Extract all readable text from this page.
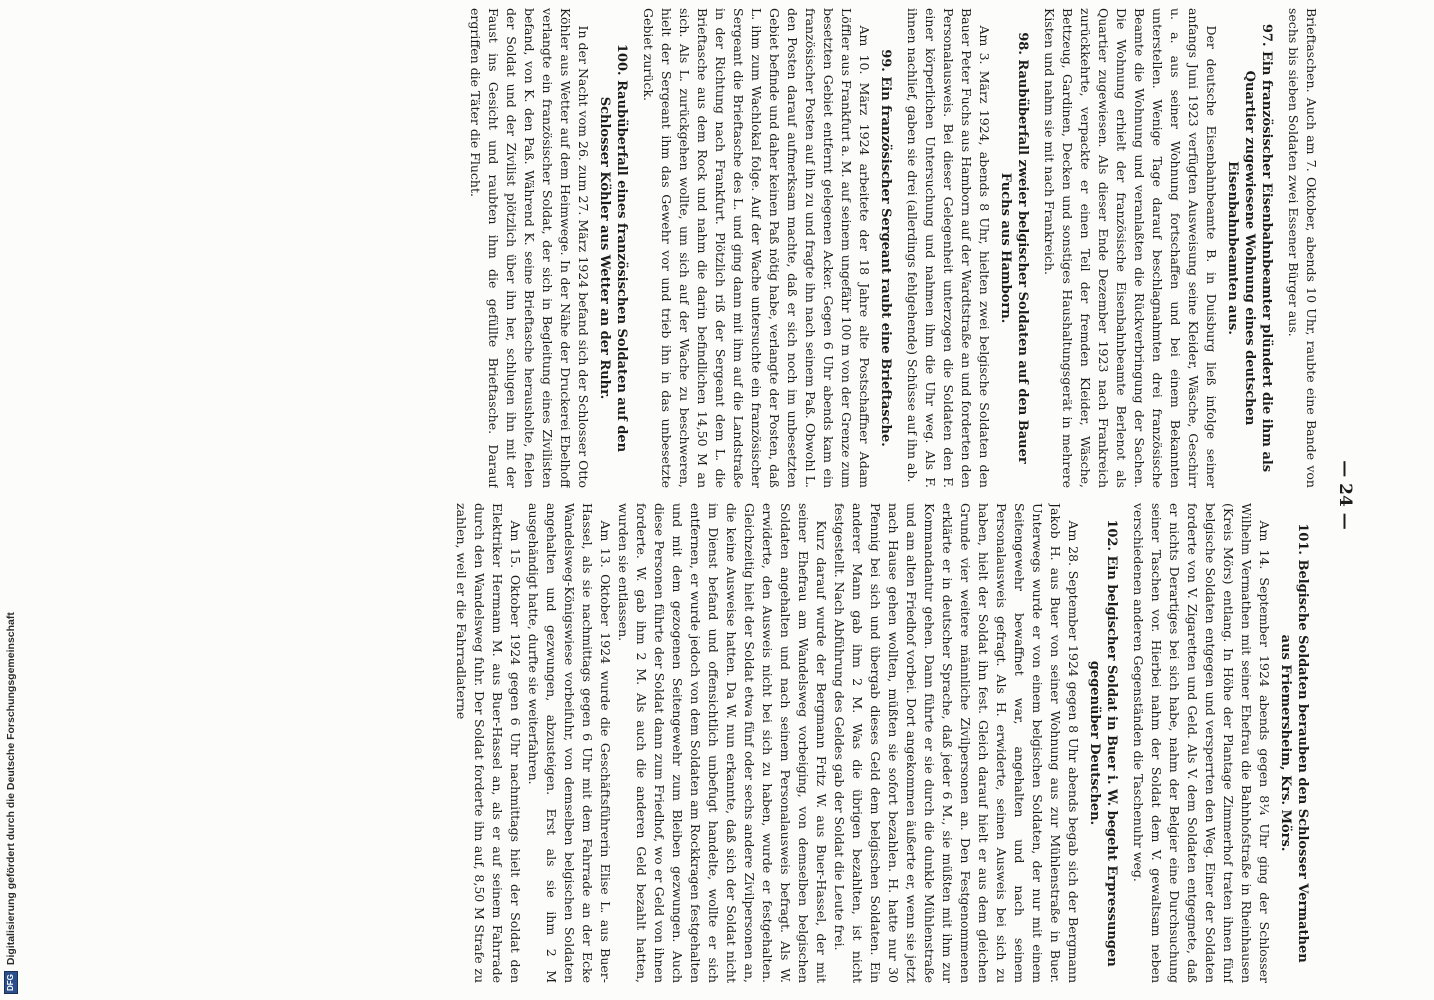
— 24 —

Brieftaschen. Auch am 7. Oktober, abends 10 Uhr, raubte eine Bande von sechs bis sieben Soldaten zwei Essener Bürger aus.

97. Ein französischer Eisenbahnbeamter plündert die ihm als Quartier zugewiesene Wohnung eines deutschen Eisenbahnbeamten aus.

Der deutsche Eisenbahnbeamte B. in Duisburg ließ infolge seiner anfangs Juni 1923 verfügten Ausweisung seine Kleider, Wäsche, Geschirr u. a. aus seiner Wohnung fortschaffen und bei einem Bekannten unterstellen. Wenige Tage darauf beschlagnahmten drei französische Beamte die Wohnung und veranlaßten die Rückverbringung der Sachen. Die Wohnung erhielt der französische Eisenbahnbeamte Berlenot als Quartier zugewiesen. Als dieser Ende Dezember 1923 nach Frankreich zurückkehrte, verpackte er einen Teil der fremden Kleider, Wäsche, Bettzeug, Gardinen, Decken und sonstiges Haushaltungsgerät in mehrere Kisten und nahm sie mit nach Frankreich.

98. Raubüberfall zweier belgischer Soldaten auf den Bauer Fuchs aus Hamborn.

Am 3. März 1924, abends 8 Uhr, hielten zwei belgische Soldaten den Bauer Peter Fuchs aus Hamborn auf der Wardtstraße an und forderten den Personalausweis. Bei dieser Gelegenheit unterzogen die Soldaten den F. einer körperlichen Untersuchung und nahmen ihm die Uhr weg. Als F. ihnen nachlief, gaben sie drei (allerdings fehlgehende) Schüsse auf ihn ab.

99. Ein französischer Sergeant raubt eine Brieftasche.

Am 10. März 1924 arbeitete der 18 Jahre alte Postschaffner Adam Löffler aus Frankfurt a. M. auf seinem ungefähr 100 m von der Grenze zum besetzten Gebiet entfernt gelegenen Acker. Gegen 6 Uhr abends kam ein französischer Posten auf ihn zu und fragte ihn nach seinem Paß. Obwohl L. den Posten darauf aufmerksam machte, daß er sich noch im unbesetzten Gebiet befinde und daher keinen Paß nötig habe, verlangte der Posten, daß L. ihm zum Wachlokal folge. Auf der Wache untersuchte ein französischer Sergeant die Brieftasche des L. und ging dann mit ihm auf die Landstraße in der Richtung nach Frankfurt. Plötzlich riß der Sergeant dem L. die Brieftasche aus dem Rock und nahm die darin befindlichen 14,50 M an sich. Als L. zurückgehen wollte, um sich auf der Wache zu beschweren, hielt der Sergeant ihm das Gewehr vor und trieb ihn in das unbesetzte Gebiet zurück.

100. Raubüberfall eines französischen Soldaten auf den Schlosser Köhler aus Wetter an der Ruhr.

In der Nacht vom 26. zum 27. März 1924 befand sich der Schlosser Otto Köhler aus Wetter auf dem Heimwege. In der Nähe der Druckerei Ebelhoff verlangte ein französischer Soldat, der sich in Begleitung eines Zivilisten befand, von K. den Paß. Während K. seine Brieftasche herausholte, fielen der Soldat und der Zivilist plötzlich über ihn her, schlugen ihn mit der Faust ins Gesicht und raubten ihm die gefüllte Brieftasche. Darauf ergriffen die Täter die Flucht.

101. Belgische Soldaten berauben den Schlosser Vermathen aus Friemersheim, Krs. Mörs.

Am 14. September 1924 abends gegen 8¼ Uhr ging der Schlosser Wilhelm Vermathen mit seiner Ehefrau die Bahnhofstraße in Rheinhausen (Kreis Mörs) entlang. In Höhe der Plantage Zimmerhof traten ihnen fünf belgische Soldaten entgegen und versperrten den Weg. Einer der Soldaten forderte von V. Zigaretten und Geld. Als V. dem Soldaten entgegnete, daß er nichts Derartiges bei sich habe, nahm der Belgier eine Durchsuchung seiner Taschen vor. Hierbei nahm der Soldat dem V. gewaltsam neben verschiedenen anderen Gegenständen die Taschenuhr weg.

102. Ein belgischer Soldat in Buer i. W. begeht Erpressungen gegenüber Deutschen.

Am 28. September 1924 gegen 8 Uhr abends begab sich der Bergmann Jakob H. aus Buer von seiner Wohnung aus zur Mühlenstraße in Buer. Unterwegs wurde er von einem belgischen Soldaten, der nur mit einem Seitengewehr bewaffnet war, angehalten und nach seinem Personalausweis gefragt. Als H. erwiderte, seinen Ausweis bei sich zu haben, hielt der Soldat ihn fest. Gleich darauf hielt er aus dem gleichen Grunde vier weitere männliche Zivilpersonen an. Den Festgenommenen erklärte er in deutscher Sprache, daß jeder 6 M., sie müßten mit ihm zur Kommandantur gehen. Dann führte er sie durch die dunkle Mühlenstraße und am alten Friedhof vorbei. Dort angekommen äußerte er, wenn sie jetzt nach Hause gehen wollten, müßten sie sofort bezahlen. H. hatte nur 30 Pfennig bei sich und übergab dieses Geld dem belgischen Soldaten. Ein anderer Mann gab ihm 2 M. Was die übrigen bezahlten, ist nicht festgestellt. Nach Abführung des Geldes gab der Soldat die Leute frei.

Kurz darauf wurde der Bergmann Fritz W. aus Buer-Hassel, der mit seiner Ehefrau am Wandelsweg vorbeiging, von demselben belgischen Soldaten angehalten und nach seinem Personalausweis befragt. Als W. erwiderte, den Ausweis nicht bei sich zu haben, wurde er festgehalten. Gleichzeitig hielt der Soldat etwa fünf oder sechs andere Zivilpersonen an, die keine Ausweise hatten. Da W. nun erkannte, daß sich der Soldat nicht im Dienst befand und offensichtlich unbefugt handelte, wollte er sich entfernen, er wurde jedoch von dem Soldaten am Rockkragen festgehalten und mit dem gezogenen Seitengewehr zum Bleiben gezwungen. Auch diese Personen führte der Soldat dann zum Friedhof, wo er Geld von ihnen forderte. W. gab ihm 2 M. Als auch die anderen Geld bezahlt hatten, wurden sie entlassen.

Am 13. Oktober 1924 wurde die Geschäftsführerin Elise L. aus Buer-Hassel, als sie nachmittags gegen 6 Uhr mit dem Fahrrade an der Ecke Wandelsweg-Königswiese vorbeifuhr, von demselben belgischen Soldaten angehalten und gezwungen, abzusteigen. Erst als sie ihm 2 M ausgehändigt hatte, durfte sie weiterfahren.

Am 15. Oktober 1924 gegen 6 Uhr nachmittags hielt der Soldat den Elektriker Hermann M. aus Buer-Hassel an, als er auf seinem Fahrrade durch den Wandelsweg fuhr. Der Soldat forderte ihn auf, 8,50 M Strafe zu zahlen, weil er die Fahrradlaterne

DFG
Digitalisierung gefördert durch die Deutsche Forschungsgemeinschaft
